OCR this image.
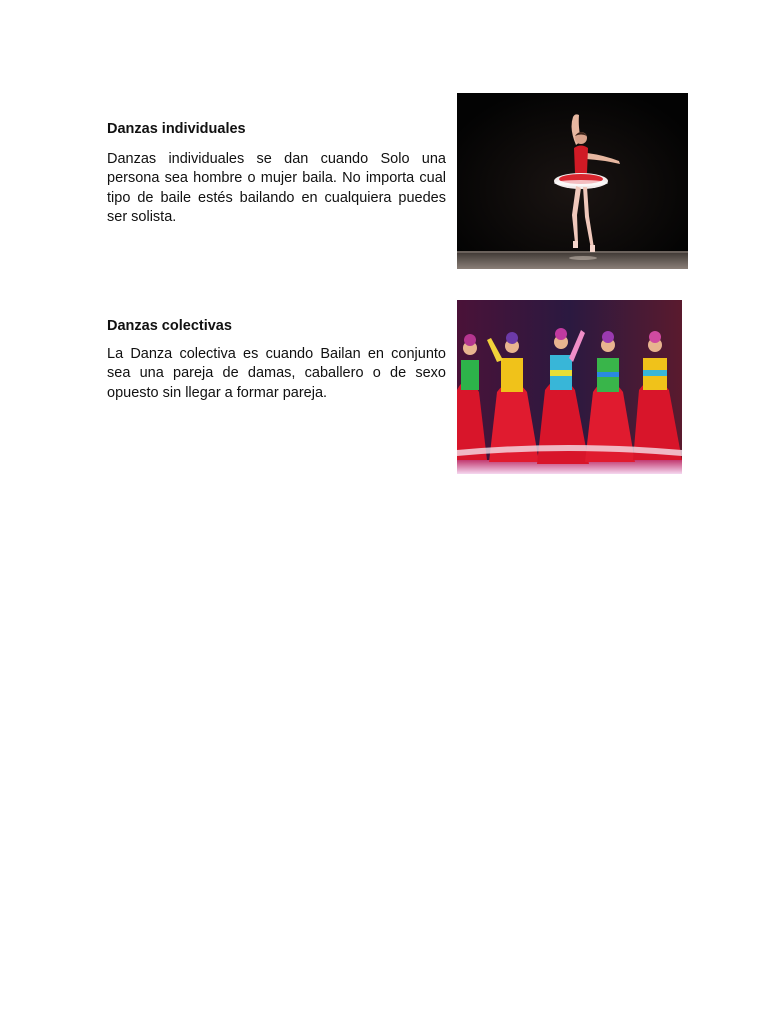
Danzas individuales

Danzas individuales se dan cuando Solo una persona sea hombre o mujer baila. No importa cual tipo de baile estés bailando en cualquiera puedes ser solista.

Danzas colectivas

La Danza colectiva es cuando Bailan en conjunto sea una pareja de damas, caballero o de sexo opuesto sin llegar a formar pareja.
